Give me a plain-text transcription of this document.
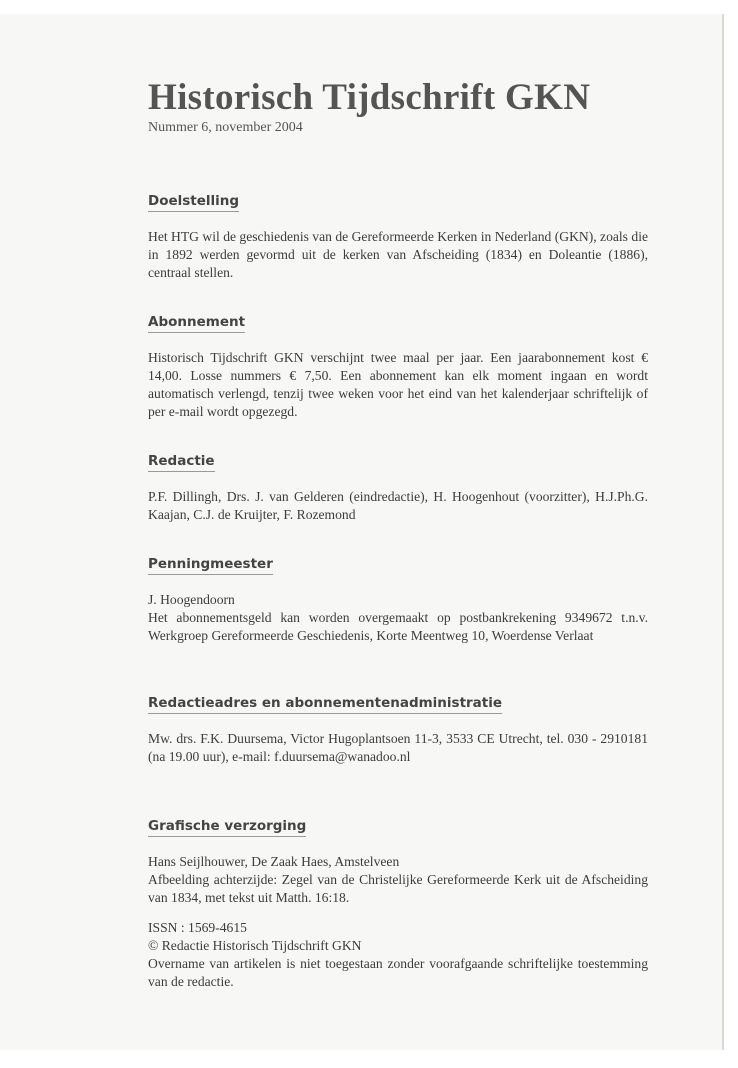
Historisch Tijdschrift GKN

Nummer 6, november 2004

Doelstelling

Het HTG wil de geschiedenis van de Gereformeerde Kerken in Nederland (GKN), zoals die in 1892 werden gevormd uit de kerken van Afscheiding (1834) en Doleantie (1886), centraal stellen.

Abonnement

Historisch Tijdschrift GKN verschijnt twee maal per jaar. Een jaarabonnement kost € 14,00. Losse nummers € 7,50. Een abonnement kan elk moment ingaan en wordt automatisch verlengd, tenzij twee weken voor het eind van het kalenderjaar schriftelijk of per e-mail wordt opgezegd.

Redactie

P.F. Dillingh, Drs. J. van Gelderen (eindredactie), H. Hoogenhout (voorzitter), H.J.Ph.G. Kaajan, C.J. de Kruijter, F. Rozemond

Penningmeester

J. Hoogendoorn

Het abonnementsgeld kan worden overgemaakt op postbankrekening 9349672 t.n.v. Werkgroep Gereformeerde Geschiedenis, Korte Meentweg 10, Woerdense Verlaat

Redactieadres en abonnementenadministratie

Mw. drs. F.K. Duursema, Victor Hugoplantsoen 11-3, 3533 CE Utrecht, tel. 030 - 2910181 (na 19.00 uur), e-mail: f.duursema@wanadoo.nl

Grafische verzorging

Hans Seijlhouwer, De Zaak Haes, Amstelveen

Afbeelding achterzijde: Zegel van de Christelijke Gereformeerde Kerk uit de Afscheiding van 1834, met tekst uit Matth. 16:18.

ISSN : 1569-4615

© Redactie Historisch Tijdschrift GKN

Overname van artikelen is niet toegestaan zonder voorafgaande schriftelijke toestemming van de redactie.
